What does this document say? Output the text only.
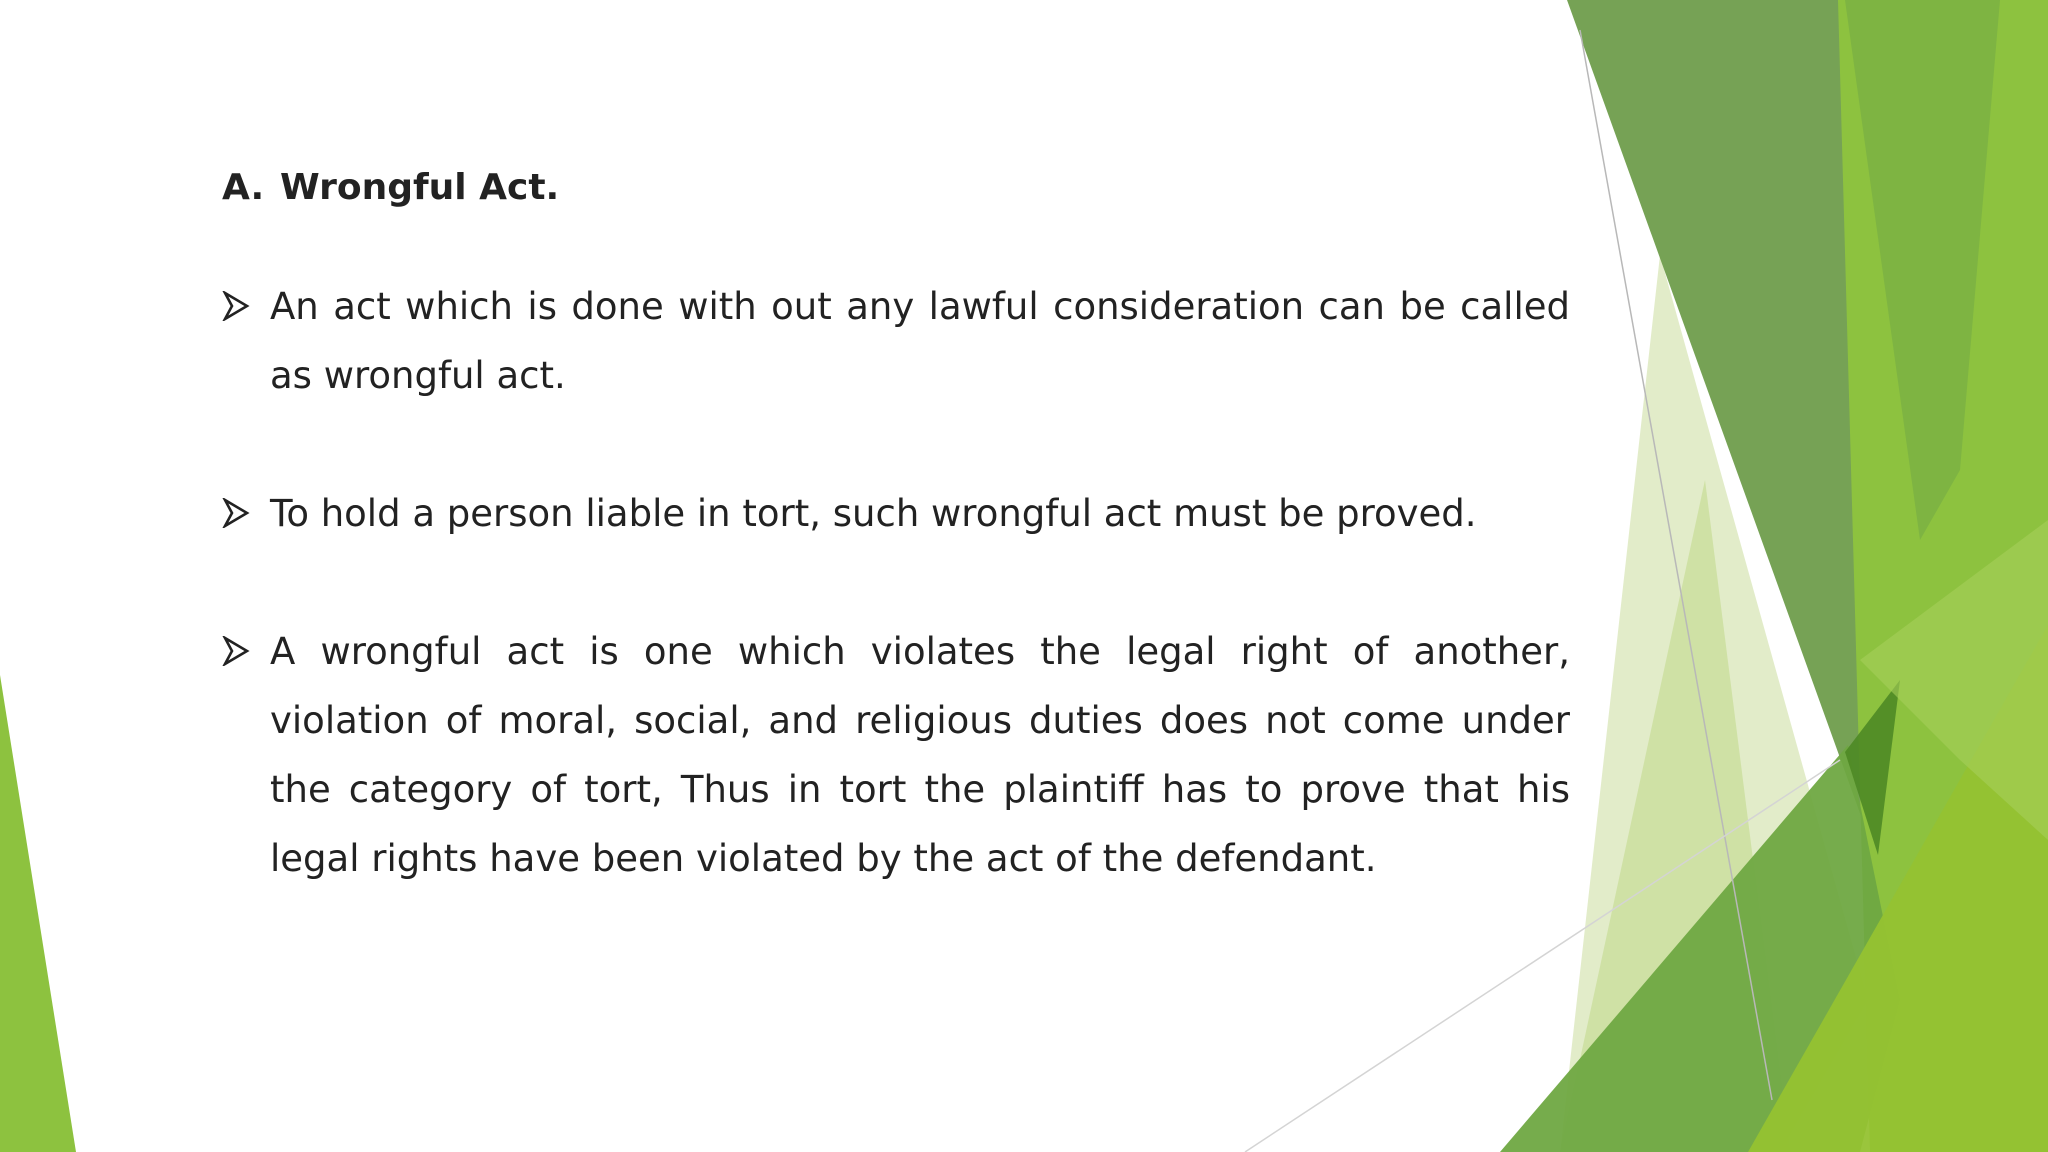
A. Wrongful Act.

An act which is done with out any lawful consideration can be called as wrongful act.

To hold a person liable in tort, such wrongful act must be proved.

A wrongful act is one which violates the legal right of another, violation of moral, social, and religious duties does not come under the category of tort, Thus in tort the plaintiff has to prove that his legal rights have been violated by the act of the defendant.
